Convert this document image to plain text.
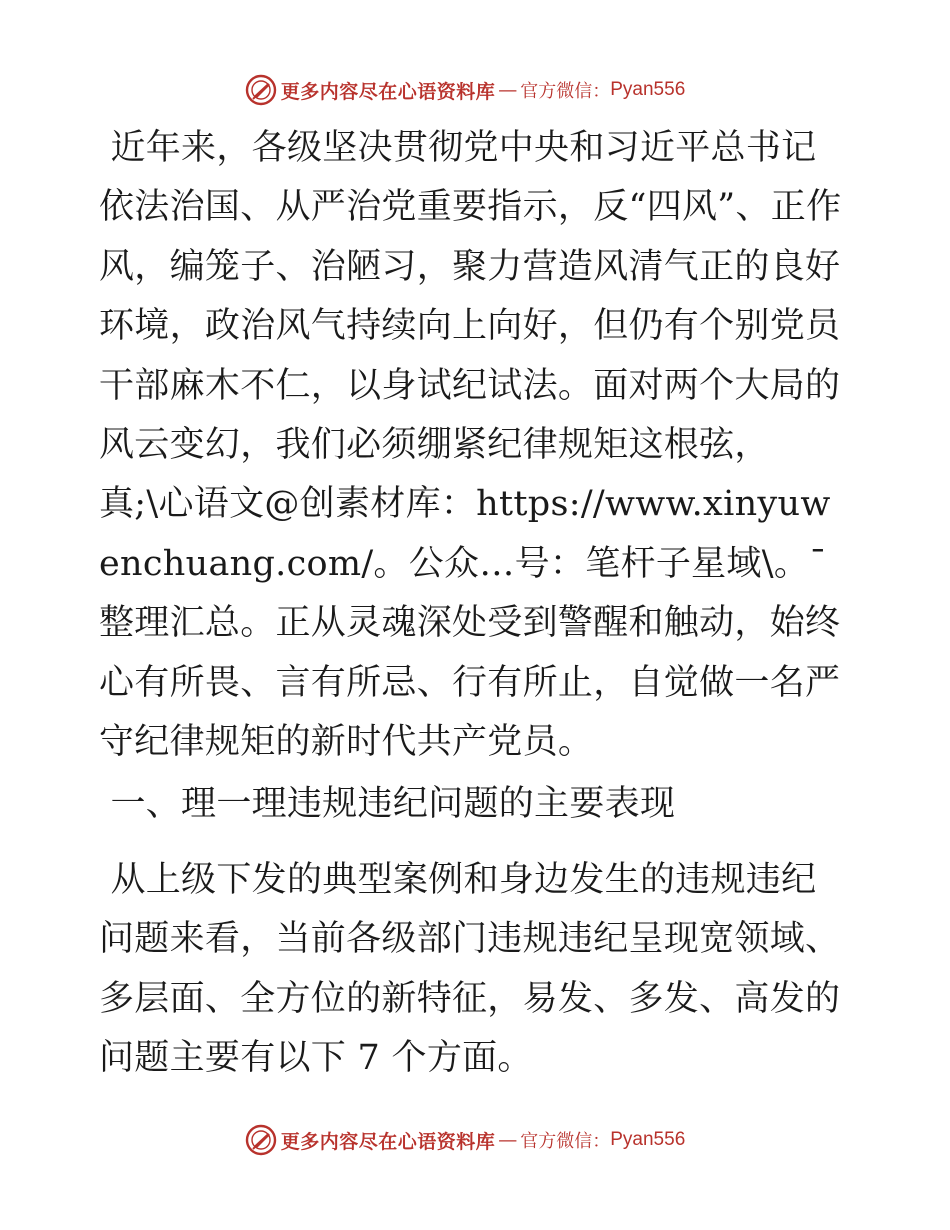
更多内容尽在心语资料库 — 官方微信： Pyan556

近年来，各级坚决贯彻党中央和习近平总书记依法治国、从严治党重要指示，反“四风”、正作风，编笼子、治陋习，聚力营造风清气正的良好环境，政治风气持续向上向好，但仍有个别党员干部麻木不仁，以身试纪试法。面对两个大局的风云变幻，我们必须绷紧纪律规矩这根弦，真;\心语文@创素材库：https://www.xinyuwenchuang.com/。公众…号：笔杆子星域\。¯整理汇总。正从灵魂深处受到警醒和触动，始终心有所畏、言有所忌、行有所止，自觉做一名严守纪律规矩的新时代共产党员。

一、理一理违规违纪问题的主要表现

从上级下发的典型案例和身边发生的违规违纪问题来看，当前各级部门违规违纪呈现宽领域、多层面、全方位的新特征，易发、多发、高发的问题主要有以下 7 个方面。

更多内容尽在心语资料库 — 官方微信： Pyan556
